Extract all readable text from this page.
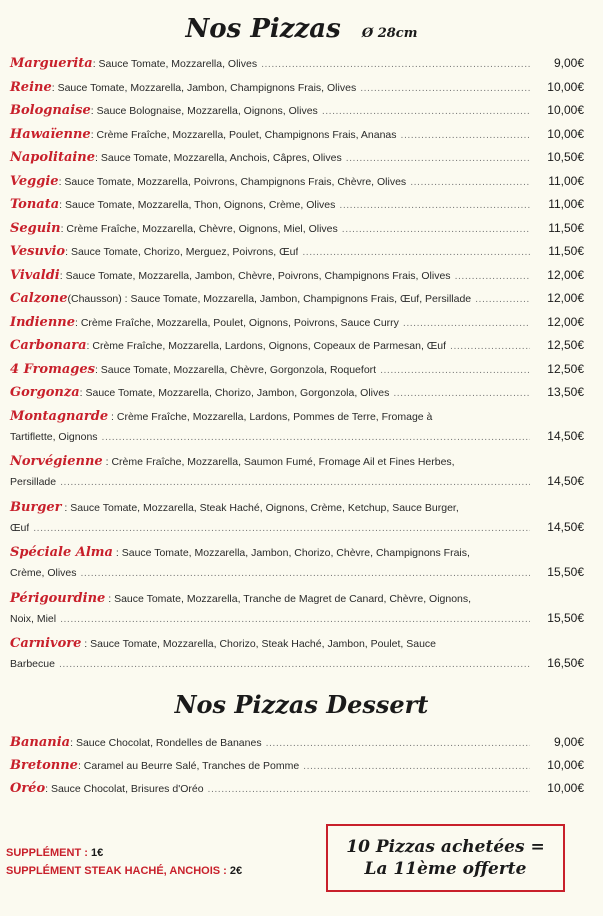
Nos Pizzas Ø 28cm
Marguerita : Sauce Tomate, Mozzarella, Olives .....	9,00€
Reine : Sauce Tomate, Mozzarella, Jambon, Champignons Frais, Olives .....	10,00€
Bolognaise : Sauce Bolognaise, Mozzarella, Oignons, Olives .....	10,00€
Hawaïenne : Crème Fraîche, Mozzarella, Poulet, Champignons Frais, Ananas .....	10,00€
Napolitaine : Sauce Tomate, Mozzarella, Anchois, Câpres, Olives .....	10,50€
Veggie : Sauce Tomate, Mozzarella, Poivrons, Champignons Frais, Chèvre, Olives .....	11,00€
Tonata : Sauce Tomate, Mozzarella, Thon, Oignons, Crème, Olives .....	11,00€
Seguin : Crème Fraîche, Mozzarella, Chèvre, Oignons, Miel, Olives .....	11,50€
Vesuvio : Sauce Tomate, Chorizo, Merguez, Poivrons, Œuf .....	11,50€
Vivaldi : Sauce Tomate, Mozzarella, Jambon, Chèvre, Poivrons, Champignons Frais, Olives .....	12,00€
Calzone (Chausson) : Sauce Tomate, Mozzarella, Jambon, Champignons Frais, Œuf, Persillade .....	12,00€
Indienne : Crème Fraîche, Mozzarella, Poulet, Oignons, Poivrons, Sauce Curry .....	12,00€
Carbonara : Crème Fraîche, Mozzarella, Lardons, Oignons, Copeaux de Parmesan, Œuf .....	12,50€
4 Fromages : Sauce Tomate, Mozzarella, Chèvre, Gorgonzola, Roquefort .....	12,50€
Gorgonza : Sauce Tomate, Mozzarella, Chorizo, Jambon, Gorgonzola, Olives .....	13,50€
Montagnarde : Crème Fraîche, Mozzarella, Lardons, Pommes de Terre, Fromage à
Tartiflette, Oignons .....	14,50€
Norvégienne : Crème Fraîche, Mozzarella, Saumon Fumé, Fromage Ail et Fines Herbes,
Persillade .....	14,50€
Burger : Sauce Tomate, Mozzarella, Steak Haché, Oignons, Crème, Ketchup, Sauce Burger,
Œuf .....	14,50€
Spéciale Alma : Sauce Tomate, Mozzarella, Jambon, Chorizo, Chèvre, Champignons Frais,
Crème, Olives .....	15,50€
Périgourdine : Sauce Tomate, Mozzarella, Tranche de Magret de Canard, Chèvre, Oignons,
Noix, Miel .....	15,50€
Carnivore : Sauce Tomate, Mozzarella, Chorizo, Steak Haché, Jambon, Poulet, Sauce
Barbecue .....	16,50€
Nos Pizzas Dessert
Banania : Sauce Chocolat, Rondelles de Bananes .....	9,00€
Bretonne : Caramel au Beurre Salé, Tranches de Pomme .....	10,00€
Oréo : Sauce Chocolat, Brisures d'Oréo .....	10,00€
SUPPLÉMENT : 1€
SUPPLÉMENT STEAK HACHÉ, ANCHOIS : 2€
10 Pizzas achetées =
La 11ème offerte
